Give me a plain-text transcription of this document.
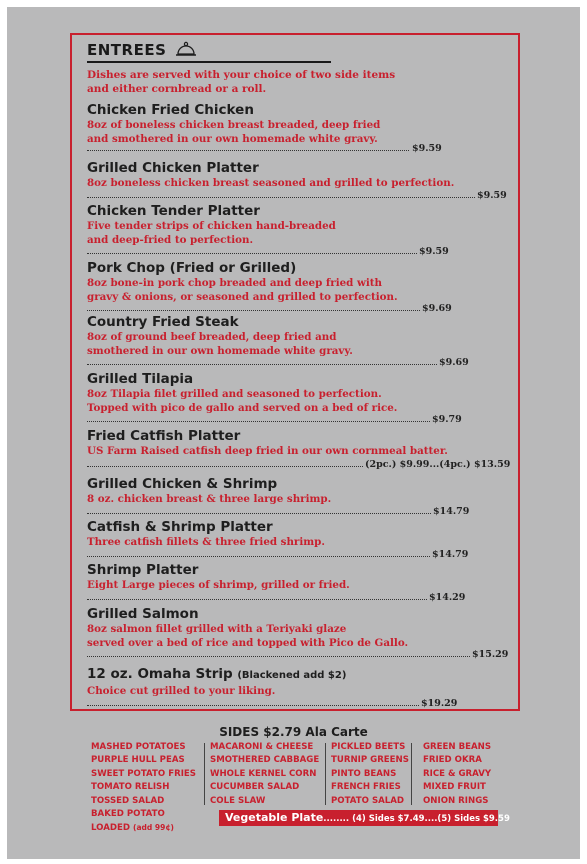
ENTREES
Dishes are served with your choice of two side items
and either cornbread or a roll.
Chicken Fried Chicken
8oz of boneless chicken breast breaded, deep fried
and smothered in our own homemade white gravy.
$9.59
Grilled Chicken Platter
8oz boneless chicken breast seasoned and grilled to perfection.
$9.59
Chicken Tender Platter
Five tender strips of chicken hand-breaded
and deep-fried to perfection.
$9.59
Pork Chop (Fried or Grilled)
8oz bone-in pork chop breaded and deep fried with
gravy & onions, or seasoned and grilled to perfection.
$9.69
Country Fried Steak
8oz of ground beef breaded, deep fried and
smothered in our own homemade white gravy.
$9.69
Grilled Tilapia
8oz Tilapia filet grilled and seasoned to perfection.
Topped with pico de gallo and served on a bed of rice.
$9.79
Fried Catfish Platter
US Farm Raised catfish deep fried in our own cornmeal batter.
(2pc.) $9.99...(4pc.) $13.59
Grilled Chicken & Shrimp
8 oz. chicken breast & three large shrimp.
$14.79
Catfish & Shrimp Platter
Three catfish fillets & three fried shrimp.
$14.79
Shrimp Platter
Eight Large pieces of shrimp, grilled or fried.
$14.29
Grilled Salmon
8oz salmon fillet grilled with a Teriyaki glaze
served over a bed of rice and topped with Pico de Gallo.
$15.29
12 oz. Omaha Strip (Blackened add $2)
Choice cut grilled to your liking.
$19.29
SIDES $2.79 Ala Carte
MASHED POTATOES
PURPLE HULL PEAS
SWEET POTATO FRIES
TOMATO RELISH
TOSSED SALAD
BAKED POTATO
LOADED (add 99¢)
MACARONI & CHEESE
SMOTHERED CABBAGE
WHOLE KERNEL CORN
CUCUMBER SALAD
COLE SLAW
PICKLED BEETS
TURNIP GREENS
PINTO BEANS
FRENCH FRIES
POTATO SALAD
GREEN BEANS
FRIED OKRA
RICE & GRAVY
MIXED FRUIT
ONION RINGS
Vegetable Plate........ (4) Sides $7.49....(5) Sides $9.59
